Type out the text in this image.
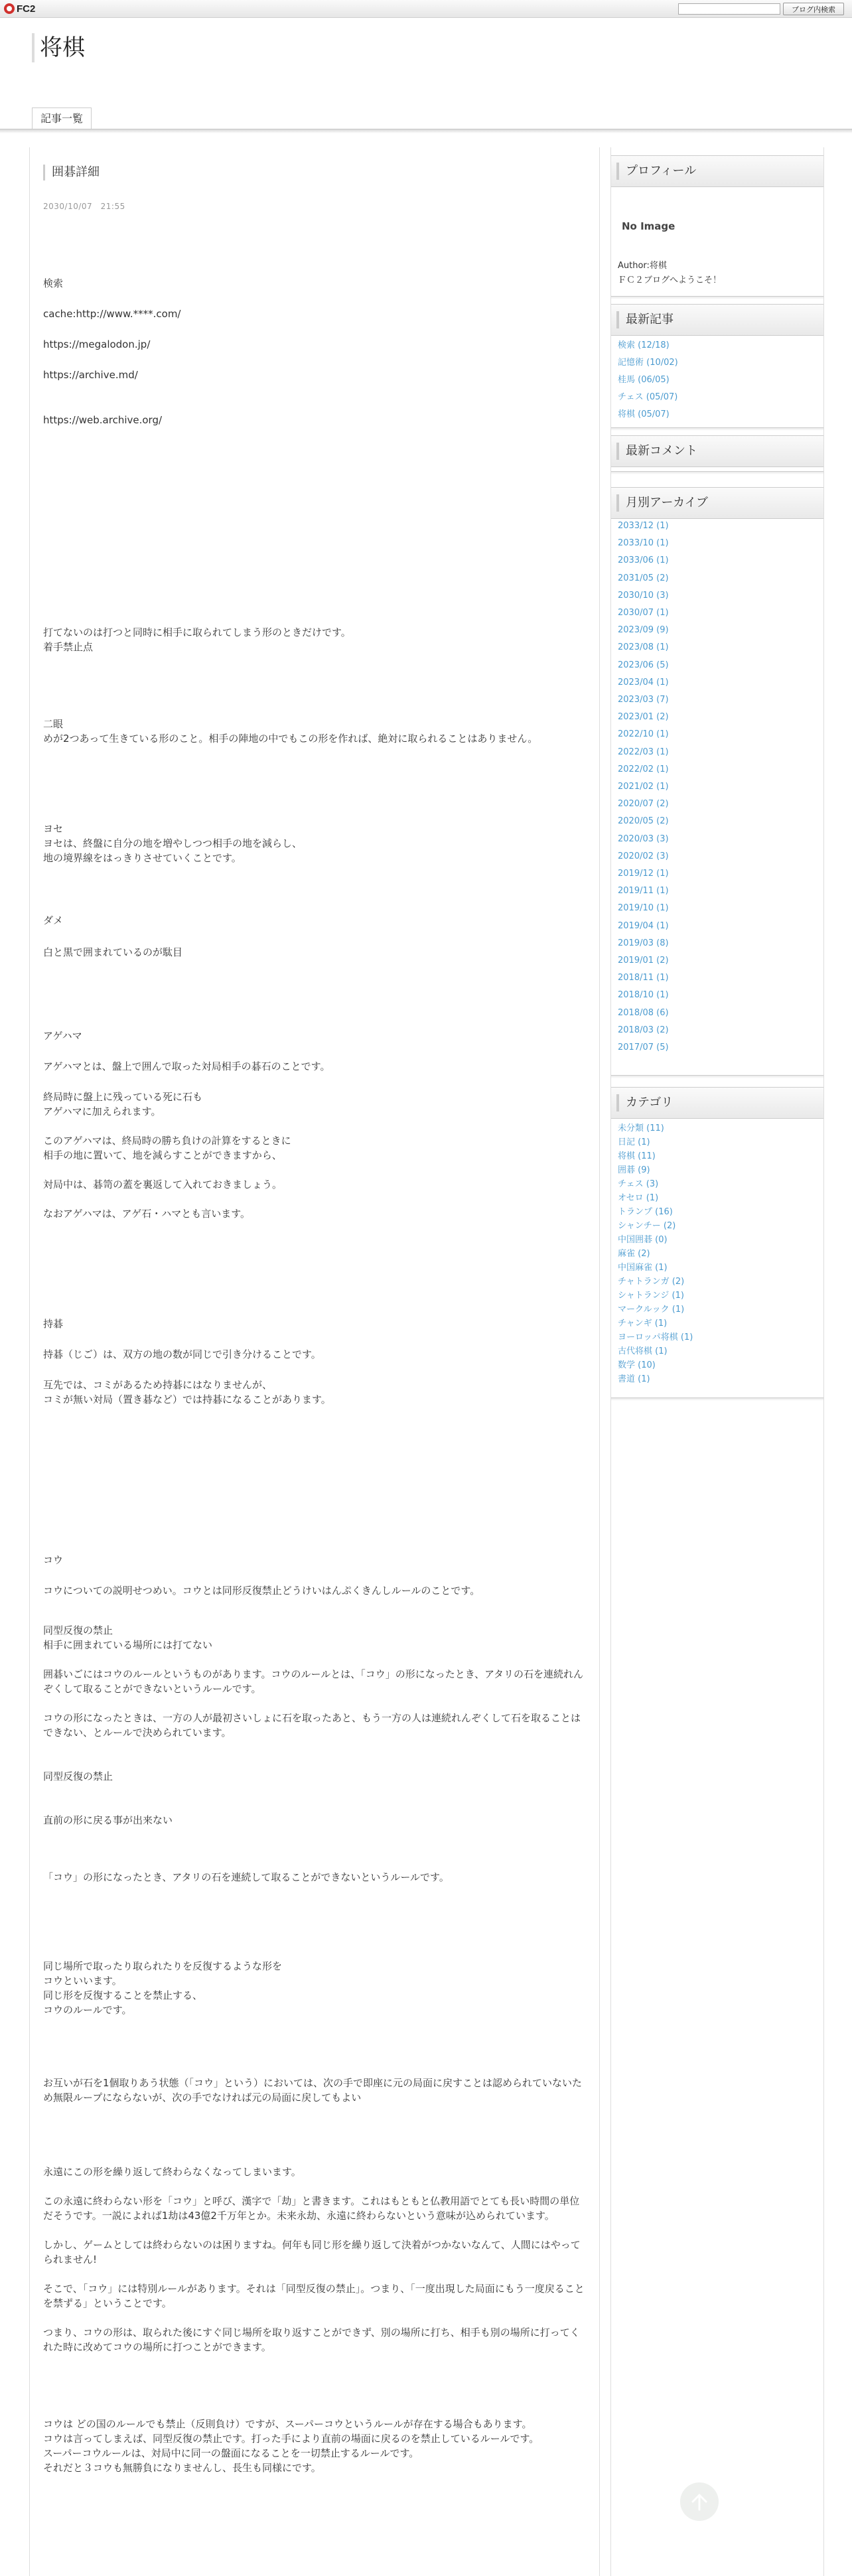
FC2	ブログ内検索
将棋
記事一覧
囲碁詳細
2030/10/07　21:55
検索
cache:http://www.****.com/
https://megalodon.jp/
https://archive.md/
https://web.archive.org/
打てないのは打つと同時に相手に取られてしまう形のときだけです。
着手禁止点
二眼
めが2つあって生きている形のこと。相手の陣地の中でもこの形を作れば、絶対に取られることはありません。
ヨセ
ヨセは、終盤に自分の地を増やしつつ相手の地を減らし、
地の境界線をはっきりさせていくことです。
ダメ
白と黒で囲まれているのが駄目
アゲハマ
アゲハマとは、盤上で囲んで取った対局相手の碁石のことです。
終局時に盤上に残っている死に石も
アゲハマに加えられます。
このアゲハマは、終局時の勝ち負けの計算をするときに
相手の地に置いて、地を減らすことができますから、
対局中は、碁笥の蓋を裏返して入れておきましょう。
なおアゲハマは、アゲ石・ハマとも言います。
持碁
持碁（じご）は、双方の地の数が同じで引き分けることです。
互先では、コミがあるため持碁にはなりませんが、
コミが無い対局（置き碁など）では持碁になることがあります。
コウ
コウについての説明せつめい。コウとは同形反復禁止どうけいはんぷくきんしルールのことです。
同型反復の禁止
相手に囲まれている場所には打てない
囲碁いごにはコウのルールというものがあります。コウのルールとは、「コウ」の形になったとき、アタリの石を連続れんぞくして取ることができないというルールです。
コウの形になったときは、一方の人が最初さいしょに石を取ったあと、もう一方の人は連続れんぞくして石を取ることはできない、とルールで決められています。
同型反復の禁止
直前の形に戻る事が出来ない
「コウ」の形になったとき、アタリの石を連続して取ることができないというルールです。
同じ場所で取ったり取られたりを反復するような形を
コウといいます。
同じ形を反復することを禁止する、
コウのルールです。
お互いが石を1個取りあう状態（「コウ」という）においては、次の手で即座に元の局面に戻すことは認められていないため無限ループにならないが、次の手でなければ元の局面に戻してもよい
永遠にこの形を繰り返して終わらなくなってしまいます。
この永遠に終わらない形を「コウ」と呼び、漢字で「劫」と書きます。これはもともと仏教用語でとても長い時間の単位だそうです。一説によれば1劫は43億2千万年とか。未来永劫、永遠に終わらないという意味が込められています。
しかし、ゲームとしては終わらないのは困りますね。何年も同じ形を繰り返して決着がつかないなんて、人間にはやってられません!
そこで、「コウ」には特別ルールがあります。それは「同型反復の禁止」。つまり、「一度出現した局面にもう一度戻ることを禁ずる」ということです。
つまり、コウの形は、取られた後にすぐ同じ場所を取り返すことができず、別の場所に打ち、相手も別の場所に打ってくれた時に改めてコウの場所に打つことができます。
コウは どの国のルールでも禁止（反則負け）ですが、スーパーコウというルールが存在する場合もあります。
コウは言ってしまえば、同型反復の禁止です。打った手により直前の場面に戻るのを禁止しているルールです。
スーパーコウルールは、対局中に同一の盤面になることを一切禁止するルールです。
それだと３コウも無勝負になりませんし、長生も同様にです。
プロフィール
No Image
Author:将棋
ＦＣ２ブログへようこそ！
最新記事
検索 (12/18)
記憶術 (10/02)
桂馬 (06/05)
チェス (05/07)
将棋 (05/07)
最新コメント
月別アーカイブ
2033/12 (1)
2033/10 (1)
2033/06 (1)
2031/05 (2)
2030/10 (3)
2030/07 (1)
2023/09 (9)
2023/08 (1)
2023/06 (5)
2023/04 (1)
2023/03 (7)
2023/01 (2)
2022/10 (1)
2022/03 (1)
2022/02 (1)
2021/02 (1)
2020/07 (2)
2020/05 (2)
2020/03 (3)
2020/02 (3)
2019/12 (1)
2019/11 (1)
2019/10 (1)
2019/04 (1)
2019/03 (8)
2019/01 (2)
2018/11 (1)
2018/10 (1)
2018/08 (6)
2018/03 (2)
2017/07 (5)
カテゴリ
未分類 (11)
日記 (1)
将棋 (11)
囲碁 (9)
チェス (3)
オセロ (1)
トランプ (16)
シャンチー (2)
中国囲碁 (0)
麻雀 (2)
中国麻雀 (1)
チャトランガ (2)
シャトランジ (1)
マークルック (1)
チャンギ (1)
ヨーロッパ将棋 (1)
古代将棋 (1)
数学 (10)
書道 (1)
